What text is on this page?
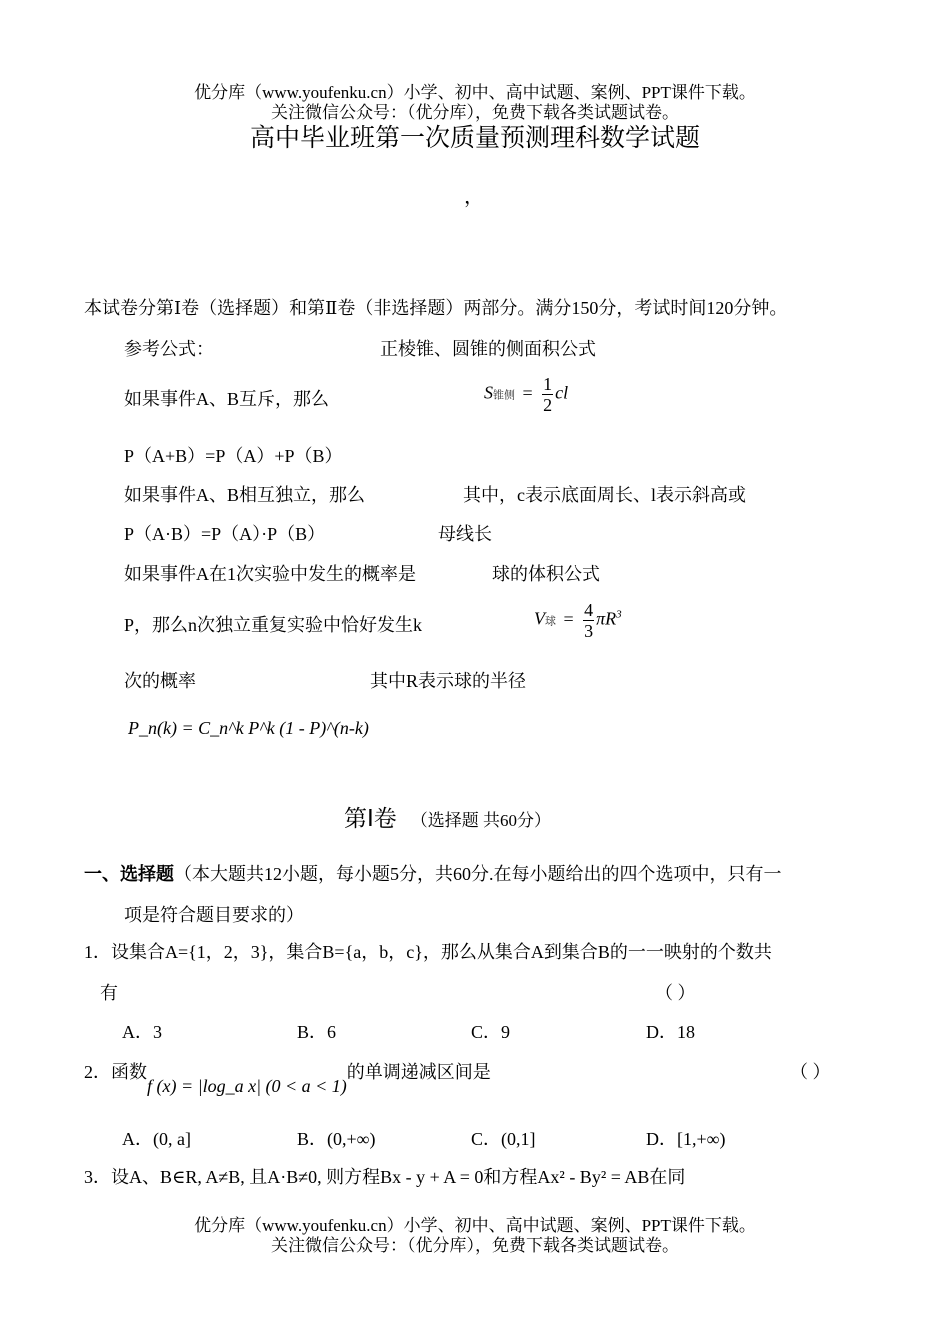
优分库（www.youfenku.cn）小学、初中、高中试题、案例、PPT课件下载。
关注微信公众号：（优分库），免费下载各类试题试卷。
高中毕业班第一次质量预测理科数学试题
，
本试卷分第Ⅰ卷（选择题）和第Ⅱ卷（非选择题）两部分。满分150分，考试时间120分钟。
参考公式：	正棱锥、圆锥的侧面积公式
如果事件A、B互斥，那么	S锥侧 = $\frac{1}{2}$ cl
P（A+B）=P（A）+P（B）
如果事件A、B相互独立，那么	其中，c表示底面周长、l表示斜高或
P（A·B）=P（A）·P（B）	母线长
如果事件A在1次实验中发生的概率是	球的体积公式
P，那么n次独立重复实验中恰好发生k	V球 = $\frac{4}{3} \pi R^3$
次的概率	其中R表示球的半径
P_n(k) = C_n^k P^k (1 - P)^(n-k)
第Ⅰ卷 （选择题 共60分）
一、选择题（本大题共12小题，每小题5分，共60分.在每小题给出的四个选项中，只有一
项是符合题目要求的）
1．设集合A={1，2，3}，集合B={a，b，c}，那么从集合A到集合B的一一映射的个数共
有	（ ）
A．3	B．6	C．9	D．18
2．函数f (x) = |log_a x| (0 < a < 1)的单调递减区间是	（ ）
A．(0, a]	B．(0,+∞)	C．(0,1]	D．[1,+∞)
3．设A、B∈R, A≠B, 且A·B≠0, 则方程Bx - y + A = 0和方程Ax² - By² = AB在同
优分库（www.youfenku.cn）小学、初中、高中试题、案例、PPT课件下载。
关注微信公众号：（优分库），免费下载各类试题试卷。
